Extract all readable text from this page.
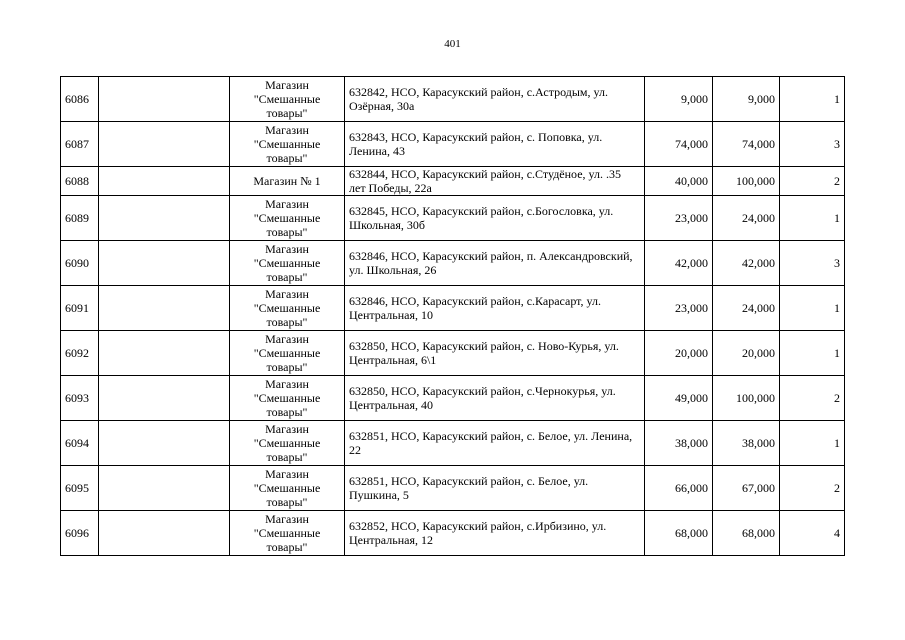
401
6086		Магазин
"Смешанные
товары"	632842, НСО, Карасукский район, с.Астродым, ул. Озёрная, 30а	9,000	9,000	1
6087		Магазин
"Смешанные
товары"	632843, НСО, Карасукский район, с. Поповка, ул. Ленина, 43	74,000	74,000	3
6088		Магазин № 1	632844, НСО, Карасукский район, с.Студёное, ул. .35 лет Победы, 22а	40,000	100,000	2
6089		Магазин
"Смешанные
товары"	632845, НСО, Карасукский район, с.Богословка, ул. Школьная, 30б	23,000	24,000	1
6090		Магазин
"Смешанные
товары"	632846, НСО, Карасукский район, п. Александровский, ул. Школьная, 26	42,000	42,000	3
6091		Магазин
"Смешанные
товары"	632846, НСО, Карасукский район, с.Карасарт, ул. Центральная, 10	23,000	24,000	1
6092		Магазин
"Смешанные
товары"	632850, НСО, Карасукский район, с. Ново-Курья, ул. Центральная, 6\1	20,000	20,000	1
6093		Магазин
"Смешанные
товары"	632850, НСО, Карасукский район, с.Чернокурья, ул. Центральная, 40	49,000	100,000	2
6094		Магазин
"Смешанные
товары"	632851, НСО, Карасукский район, с. Белое, ул. Ленина, 22	38,000	38,000	1
6095		Магазин
"Смешанные
товары"	632851, НСО, Карасукский район, с. Белое, ул. Пушкина, 5	66,000	67,000	2
6096		Магазин
"Смешанные
товары"	632852, НСО, Карасукский район, с.Ирбизино, ул. Центральная, 12	68,000	68,000	4
